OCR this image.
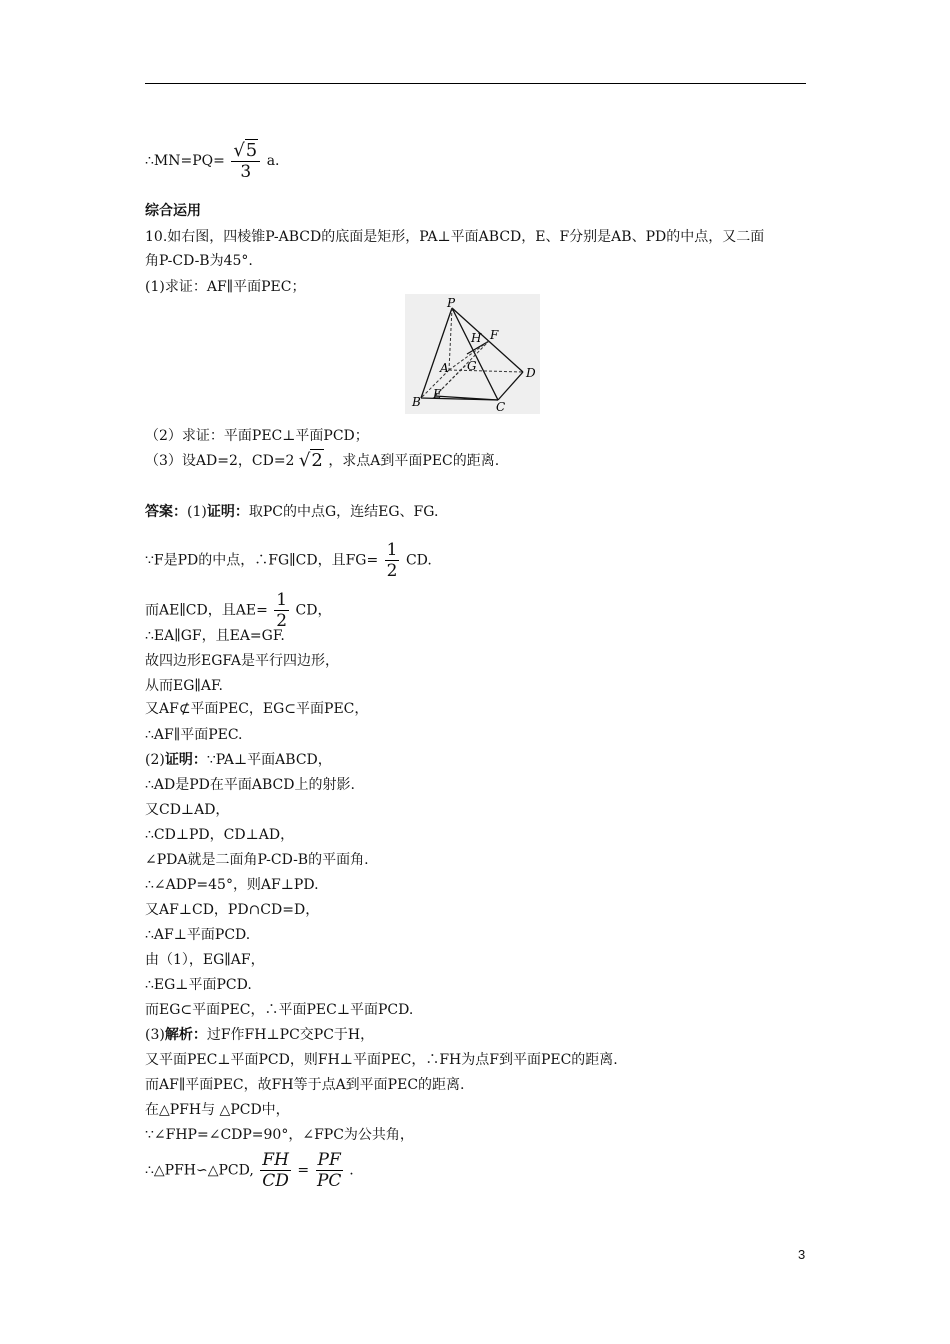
∴MN=PQ= $\frac{√5}{3} a$.
综合运用
10.如右图，四棱锥P-ABCD的底面是矩形，PA⊥平面ABCD，E、F分别是AB、PD的中点，又二面
角P-CD-B为45°.
(1)求证：AF∥平面PEC；
P
A
B	C
D
E
F
G
H
（2）求证：平面PEC⊥平面PCD；
（3）设AD=2，CD=2 √2 ，求点A到平面PEC的距离.
答案：(1)证明：取PC的中点G，连结EG、FG.
∵F是PD的中点，∴FG∥CD，且$FG= \frac{1}{2}$ CD.
而AE∥CD，且$AE= \frac{1}{2}$ CD，
∴EA∥GF，且EA=GF.
故四边形EGFA是平行四边形，
从而EG∥AF.
又AF⊄平面PEC，EG⊂平面PEC，
∴AF∥平面PEC.
(2)证明：∵PA⊥平面ABCD，
∴AD是PD在平面ABCD上的射影.
又CD⊥AD，
∴CD⊥PD，CD⊥AD，
∠PDA就是二面角P-CD-B的平面角.
∴∠ADP=45°，则AF⊥PD.
又AF⊥CD，PD∩CD=D，
∴AF⊥平面PCD.
由（1），EG∥AF，
∴EG⊥平面PCD.
而EG⊂平面PEC，∴平面PEC⊥平面PCD.
(3)解析：过F作FH⊥PC交PC于H，
又平面PEC⊥平面PCD，则FH⊥平面PEC，∴FH为点F到平面PEC的距离.
而AF∥平面PEC，故FH等于点A到平面PEC的距离.
在△PFH与 △PCD中，
∵∠FHP=∠CDP=90°，∠FPC为公共角，
∴△PFH∽△PCD, $\frac{FH}{CD} = \frac{PF}{PC}$ .
3
